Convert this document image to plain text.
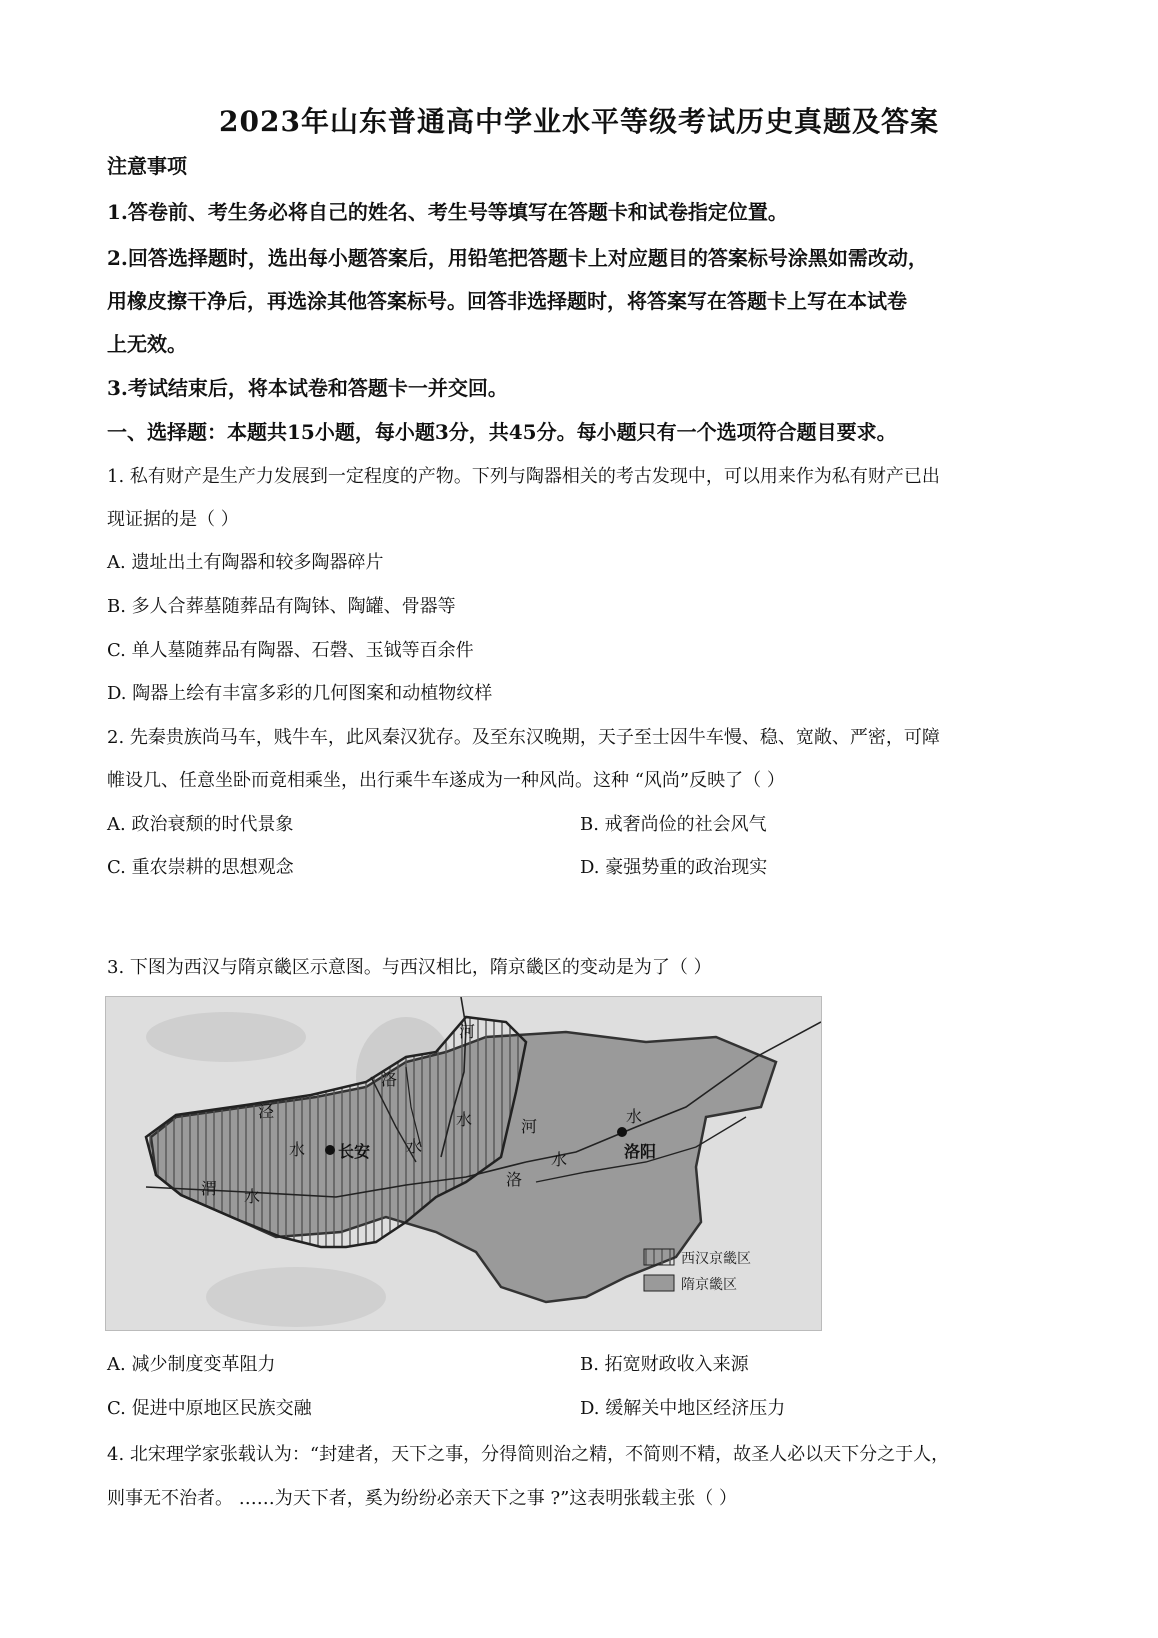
2023年山东普通高中学业水平等级考试历史真题及答案
注意事项
1.答卷前、考生务必将自己的姓名、考生号等填写在答题卡和试卷指定位置。
2.回答选择题时，选出每小题答案后，用铅笔把答题卡上对应题目的答案标号涂黑如需改动，
用橡皮擦干净后，再选涂其他答案标号。回答非选择题时，将答案写在答题卡上写在本试卷
上无效。
3.考试结束后，将本试卷和答题卡一并交回。
一、选择题：本题共15小题，每小题3分，共45分。每小题只有一个选项符合题目要求。
1. 私有财产是生产力发展到一定程度的产物。下列与陶器相关的考古发现中，可以用来作为私有财产已出
现证据的是（ ）
A. 遗址出土有陶器和较多陶器碎片
B. 多人合葬墓随葬品有陶钵、陶罐、骨器等
C. 单人墓随葬品有陶器、石磬、玉钺等百余件
D. 陶器上绘有丰富多彩的几何图案和动植物纹样
2. 先秦贵族尚马车，贱牛车，此风秦汉犹存。及至东汉晚期，天子至士因牛车慢、稳、宽敞、严密，可障
帷设几、任意坐卧而竟相乘坐，出行乘牛车遂成为一种风尚。这种 “风尚”反映了（ ）
A. 政治衰颓的时代景象	B. 戒奢尚俭的社会风气
C. 重农崇耕的思想观念	D. 豪强势重的政治现实
3. 下图为西汉与隋京畿区示意图。与西汉相比，隋京畿区的变动是为了（ ）
河
洛
水
泾
水	水
河
水
渭 水
洛
水
长安	洛阳
西汉京畿区
隋京畿区
A. 减少制度变革阻力	B. 拓宽财政收入来源
C. 促进中原地区民族交融	D. 缓解关中地区经济压力
4. 北宋理学家张载认为：“封建者，天下之事，分得简则治之精，不简则不精，故圣人必以天下分之于人，
则事无不治者。 ……为天下者，奚为纷纷必亲天下之事 ?”这表明张载主张（ ）
